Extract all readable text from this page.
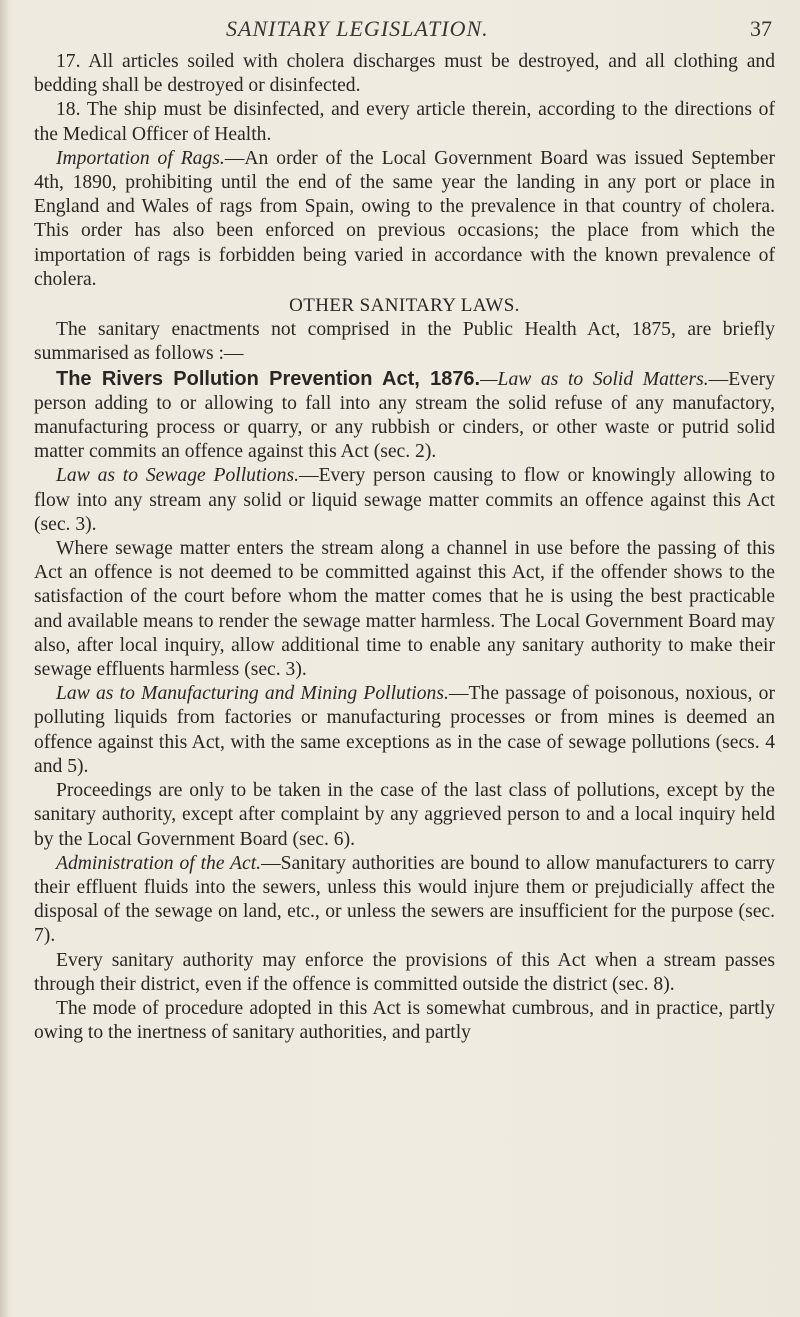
SANITARY LEGISLATION.	37

17. All articles soiled with cholera discharges must be destroyed, and all clothing and bedding shall be destroyed or disinfected.

18. The ship must be disinfected, and every article therein, according to the directions of the Medical Officer of Health.

Importation of Rags.—An order of the Local Government Board was issued September 4th, 1890, prohibiting until the end of the same year the landing in any port or place in England and Wales of rags from Spain, owing to the prevalence in that country of cholera. This order has also been enforced on previous occasions; the place from which the importation of rags is forbidden being varied in accordance with the known prevalence of cholera.

OTHER SANITARY LAWS.

The sanitary enactments not comprised in the Public Health Act, 1875, are briefly summarised as follows :—

The Rivers Pollution Prevention Act, 1876.—Law as to Solid Matters.—Every person adding to or allowing to fall into any stream the solid refuse of any manufactory, manufacturing process or quarry, or any rubbish or cinders, or other waste or putrid solid matter commits an offence against this Act (sec. 2).

Law as to Sewage Pollutions.—Every person causing to flow or knowingly allowing to flow into any stream any solid or liquid sewage matter commits an offence against this Act (sec. 3).

Where sewage matter enters the stream along a channel in use before the passing of this Act an offence is not deemed to be committed against this Act, if the offender shows to the satisfaction of the court before whom the matter comes that he is using the best practicable and available means to render the sewage matter harmless. The Local Government Board may also, after local inquiry, allow additional time to enable any sanitary authority to make their sewage effluents harmless (sec. 3).

Law as to Manufacturing and Mining Pollutions.—The passage of poisonous, noxious, or polluting liquids from factories or manufacturing processes or from mines is deemed an offence against this Act, with the same exceptions as in the case of sewage pollutions (secs. 4 and 5).

Proceedings are only to be taken in the case of the last class of pollutions, except by the sanitary authority, except after complaint by any aggrieved person to and a local inquiry held by the Local Government Board (sec. 6).

Administration of the Act.—Sanitary authorities are bound to allow manufacturers to carry their effluent fluids into the sewers, unless this would injure them or prejudicially affect the disposal of the sewage on land, etc., or unless the sewers are insufficient for the purpose (sec. 7).

Every sanitary authority may enforce the provisions of this Act when a stream passes through their district, even if the offence is committed outside the district (sec. 8).

The mode of procedure adopted in this Act is somewhat cumbrous, and in practice, partly owing to the inertness of sanitary authorities, and partly
